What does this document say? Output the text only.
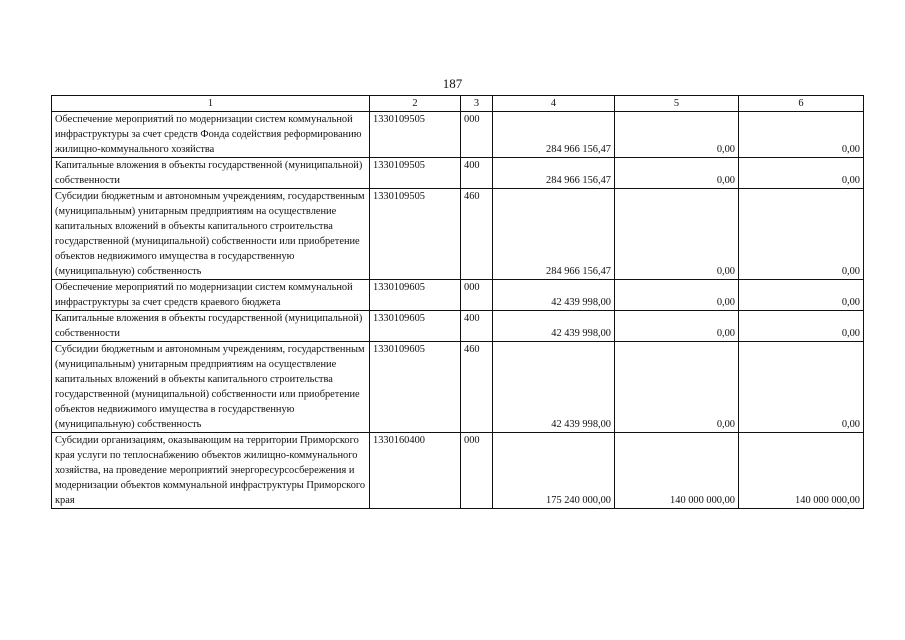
187
1	2	3	4	5	6
Обеспечение мероприятий по модернизации систем коммунальной инфраструктуры за счет средств Фонда содействия реформированию жилищно-коммунального хозяйства	1330109505	000	284 966 156,47	0,00	0,00
Капитальные вложения в объекты государственной (муниципальной) собственности	1330109505	400	284 966 156,47	0,00	0,00
Субсидии бюджетным и автономным учреждениям, государственным (муниципальным) унитарным предприятиям на осуществление капитальных вложений в объекты капитального строительства государственной (муниципальной) собственности или приобретение объектов недвижимого имущества в государственную (муниципальную) собственность	1330109505	460	284 966 156,47	0,00	0,00
Обеспечение мероприятий по модернизации систем коммунальной инфраструктуры за счет средств краевого бюджета	1330109605	000	42 439 998,00	0,00	0,00
Капитальные вложения в объекты государственной (муниципальной) собственности	1330109605	400	42 439 998,00	0,00	0,00
Субсидии бюджетным и автономным учреждениям, государственным (муниципальным) унитарным предприятиям на осуществление капитальных вложений в объекты капитального строительства государственной (муниципальной) собственности или приобретение объектов недвижимого имущества в государственную (муниципальную) собственность	1330109605	460	42 439 998,00	0,00	0,00
Субсидии организациям, оказывающим на территории Приморского края услуги по теплоснабжению объектов жилищно-коммунального хозяйства, на проведение мероприятий энергоресурсосбережения и модернизации объектов коммунальной инфраструктуры Приморского края	1330160400	000	175 240 000,00	140 000 000,00	140 000 000,00
